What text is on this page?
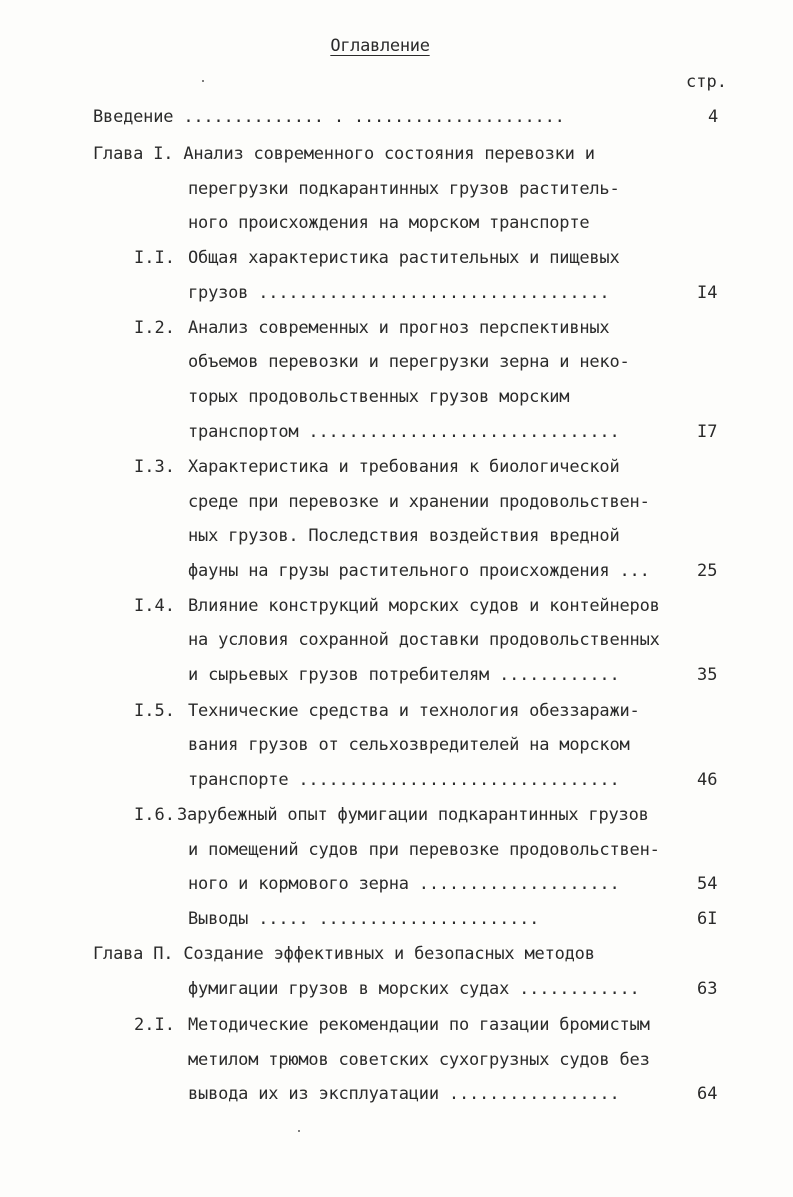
Оглавление
стр.
Введение .............. . .....................	4
Глава I. Анализ современного состояния перевозки и
перегрузки подкарантинных грузов раститель-
ного происхождения на морском транспорте
I.I. Общая характеристика растительных и пищевых
грузов ...................................	I4
I.2. Анализ современных и прогноз перспективных
объемов перевозки и перегрузки зерна и неко-
торых продовольственных грузов морским
транспортом ...............................	I7
I.3. Характеристика и требования к биологической
среде при перевозке и хранении продовольствен-
ных грузов. Последствия воздействия вредной
фауны на грузы растительного происхождения ...	25
I.4. Влияние конструкций морских судов и контейнеров
на условия сохранной доставки продовольственных
и сырьевых грузов потребителям ............	35
I.5. Технические средства и технология обеззаражи-
вания грузов от сельхозвредителей на морском
транспорте ................................	46
I.6. Зарубежный опыт фумигации подкарантинных грузов
и помещений судов при перевозке продовольствен-
ного и кормового зерна ....................	54
Выводы ..... ......................	6I
Глава П. Создание эффективных и безопасных методов
фумигации грузов в морских судах ............	63
2.I. Методические рекомендации по газации бромистым
метилом трюмов советских сухогрузных судов без
вывода их из эксплуатации .................	64
